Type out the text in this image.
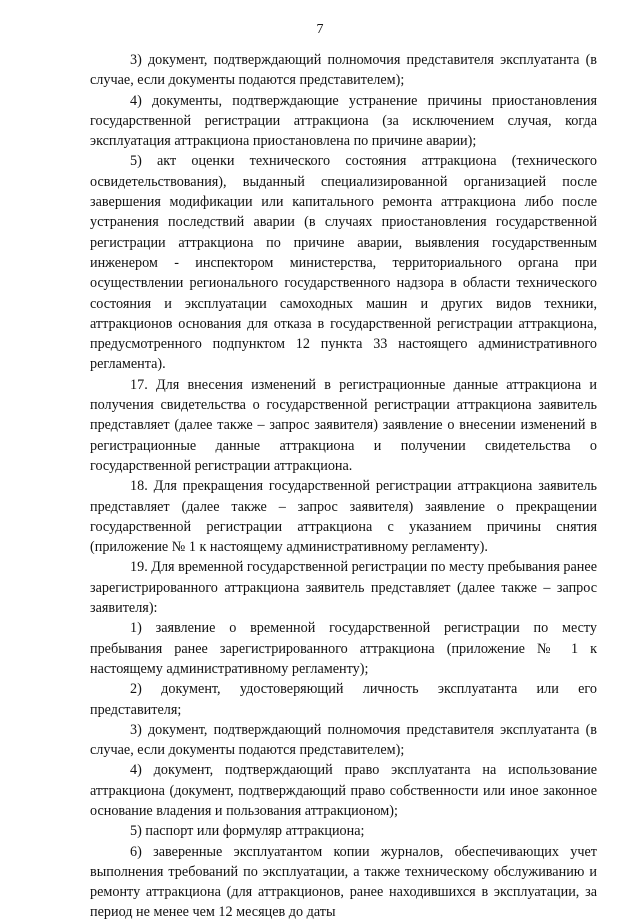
7

3) документ, подтверждающий полномочия представителя эксплуатанта (в случае, если документы подаются представителем);

4) документы, подтверждающие устранение причины приостановления государственной регистрации аттракциона (за исключением случая, когда эксплуатация аттракциона приостановлена по причине аварии);

5) акт оценки технического состояния аттракциона (технического освидетельствования), выданный специализированной организацией после завершения модификации или капитального ремонта аттракциона либо после устранения последствий аварии (в случаях приостановления государственной регистрации аттракциона по причине аварии, выявления государственным инженером - инспектором министерства, территориального органа при осуществлении регионального государственного надзора в области технического состояния и эксплуатации самоходных машин и других видов техники, аттракционов основания для отказа в государственной регистрации аттракциона, предусмотренного подпунктом 12 пункта 33 настоящего административного регламента).

17. Для внесения изменений в регистрационные данные аттракциона и получения свидетельства о государственной регистрации аттракциона заявитель представляет (далее также – запрос заявителя) заявление о внесении изменений в регистрационные данные аттракциона и получении свидетельства о государственной регистрации аттракциона.

18. Для прекращения государственной регистрации аттракциона заявитель представляет (далее также – запрос заявителя) заявление о прекращении государственной регистрации аттракциона с указанием причины снятия (приложение № 1 к настоящему административному регламенту).

19. Для временной государственной регистрации по месту пребывания ранее зарегистрированного аттракциона заявитель представляет (далее также – запрос заявителя):

1) заявление о временной государственной регистрации по месту пребывания ранее зарегистрированного аттракциона (приложение № 1 к настоящему административному регламенту);

2) документ, удостоверяющий личность эксплуатанта или его представителя;

3) документ, подтверждающий полномочия представителя эксплуатанта (в случае, если документы подаются представителем);

4) документ, подтверждающий право эксплуатанта на использование аттракциона (документ, подтверждающий право собственности или иное законное основание владения и пользования аттракционом);

5) паспорт или формуляр аттракциона;

6) заверенные эксплуатантом копии журналов, обеспечивающих учет выполнения требований по эксплуатации, а также техническому обслуживанию и ремонту аттракциона (для аттракционов, ранее находившихся в эксплуатации, за период не менее чем 12 месяцев до даты
